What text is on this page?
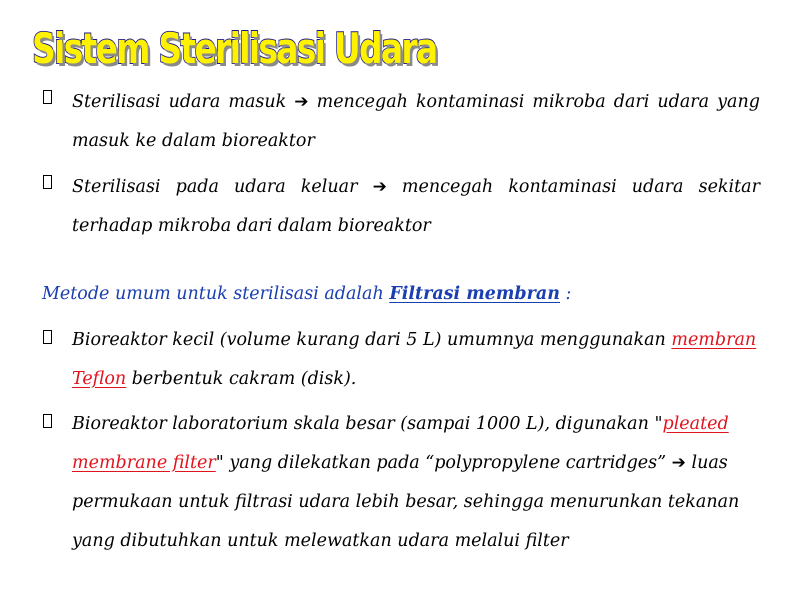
Sistem Sterilisasi Udara

Sterilisasi udara masuk ➔ mencegah kontaminasi mikroba dari udara yang masuk ke dalam bioreaktor

Sterilisasi pada udara keluar ➔ mencegah kontaminasi udara sekitar terhadap mikroba dari dalam bioreaktor

Metode umum untuk sterilisasi adalah Filtrasi membran :

Bioreaktor kecil (volume kurang dari 5 L) umumnya menggunakan membran Teflon berbentuk cakram (disk).

Bioreaktor laboratorium skala besar (sampai 1000 L), digunakan "pleated membrane filter" yang dilekatkan pada “polypropylene cartridges” ➔ luas permukaan untuk filtrasi udara lebih besar, sehingga menurunkan tekanan yang dibutuhkan untuk melewatkan udara melalui filter
